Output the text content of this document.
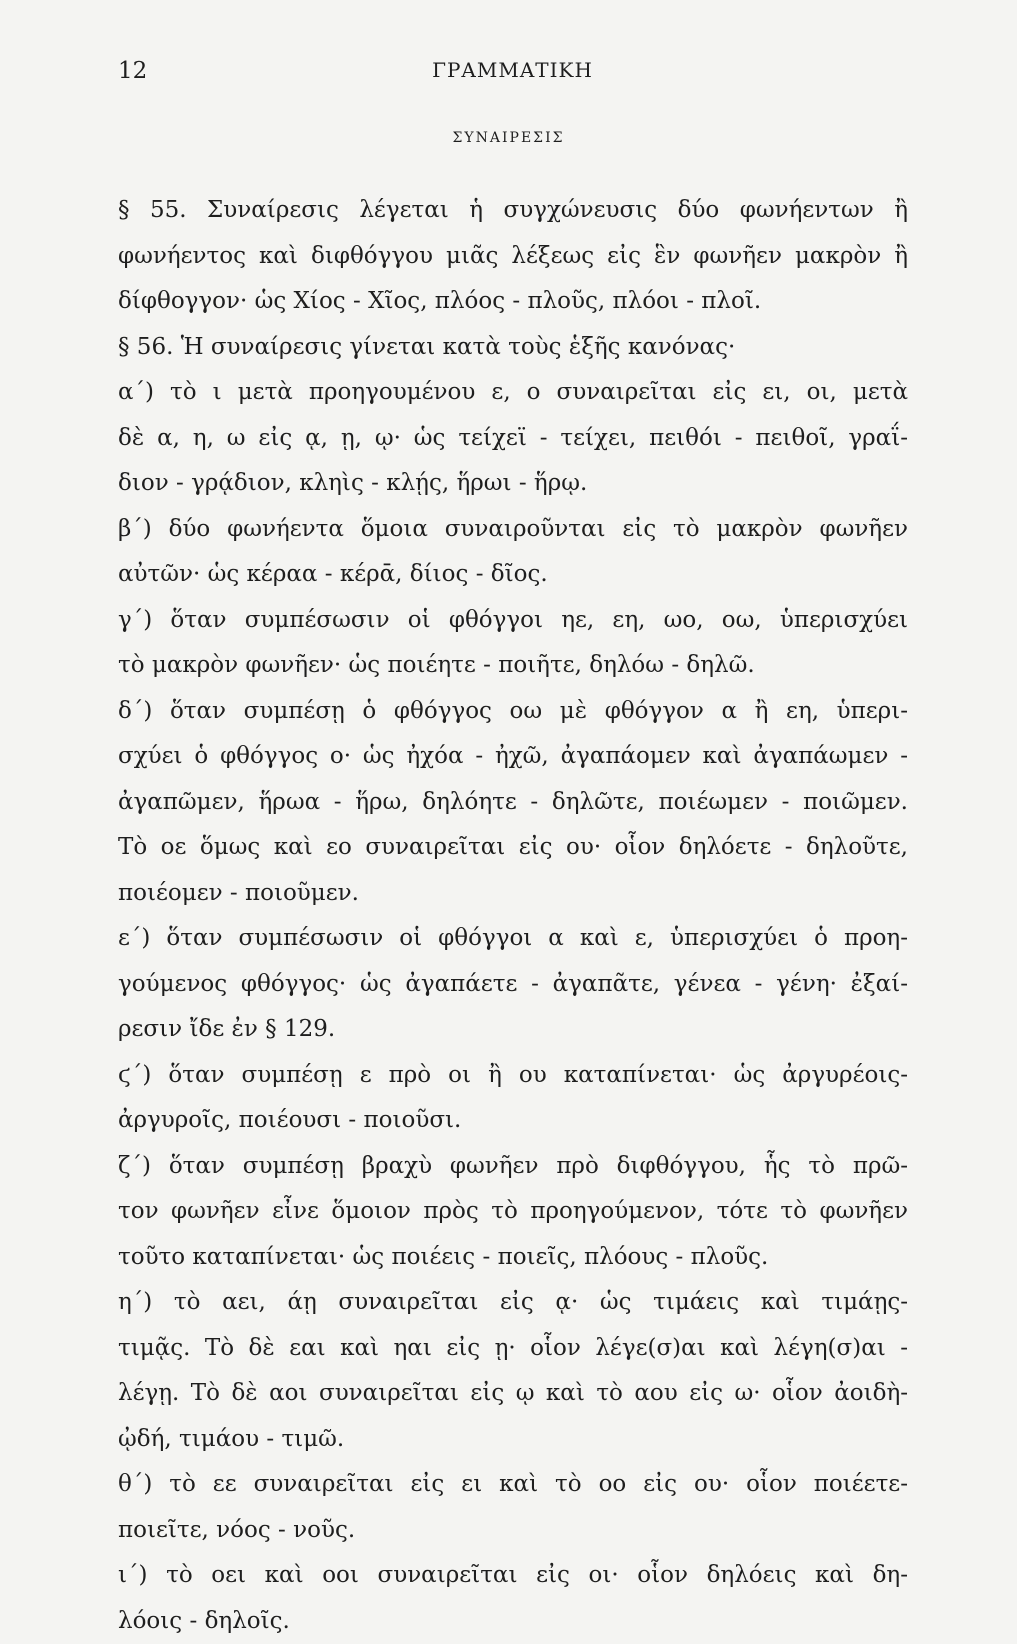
12	ΓΡΑΜΜΑΤΙΚΗ
ΣΥΝΑΙΡΕΣΙΣ
§ 55. Συναίρεσις λέγεται ἡ συγχώνευσις δύο φωνήεντων ἢ
φωνήεντος καὶ διφθόγγου μιᾶς λέξεως εἰς ἓν φωνῆεν μακρὸν ἢ
δίφθογγον· ὡς Χίος - Χῖος, πλόος - πλοῦς, πλόοι - πλοῖ.
§ 56. Ἡ συναίρεσις γίνεται κατὰ τοὺς ἑξῆς κανόνας·
α΄) τὸ ι μετὰ προηγουμένου ε, ο συναιρεῖται εἰς ει, οι, μετὰ
δὲ α, η, ω εἰς ᾳ, ῃ, ῳ· ὡς τείχεϊ - τείχει, πειθόι - πειθοῖ, γραΐ-
διον - γρᾴδιον, κληὶς - κλῄς, ἥρωι - ἥρῳ.
β΄) δύο φωνήεντα ὅμοια συναιροῦνται εἰς τὸ μακρὸν φωνῆεν
αὐτῶν· ὡς κέραα - κέρᾱ, δίιος - δῖος.
γ΄) ὅταν συμπέσωσιν οἱ φθόγγοι ηε, εη, ωο, οω, ὑπερισχύει
τὸ μακρὸν φωνῆεν· ὡς ποιέητε - ποιῆτε, δηλόω - δηλῶ.
δ΄) ὅταν συμπέσῃ ὁ φθόγγος οω μὲ φθόγγον α ἢ εη, ὑπερι-
σχύει ὁ φθόγγος ο· ὡς ἠχόα - ἠχῶ, ἀγαπάομεν καὶ ἀγαπάωμεν -
ἀγαπῶμεν, ἥρωα - ἥρω, δηλόητε - δηλῶτε, ποιέωμεν - ποιῶμεν.
Τὸ οε ὅμως καὶ εο συναιρεῖται εἰς ου· οἷον δηλόετε - δηλοῦτε,
ποιέομεν - ποιοῦμεν.
ε΄) ὅταν συμπέσωσιν οἱ φθόγγοι α καὶ ε, ὑπερισχύει ὁ προη-
γούμενος φθόγγος· ὡς ἀγαπάετε - ἀγαπᾶτε, γένεα - γένη· ἐξαί-
ρεσιν ἴδε ἐν § 129.
ϛ΄) ὅταν συμπέσῃ ε πρὸ οι ἢ ου καταπίνεται· ὡς ἀργυρέοις-
ἀργυροῖς, ποιέουσι - ποιοῦσι.
ζ΄) ὅταν συμπέσῃ βραχὺ φωνῆεν πρὸ διφθόγγου, ἧς τὸ πρῶ-
τον φωνῆεν εἶνε ὅμοιον πρὸς τὸ προηγούμενον, τότε τὸ φωνῆεν
τοῦτο καταπίνεται· ὡς ποιέεις - ποιεῖς, πλόους - πλοῦς.
η΄) τὸ αει, άῃ συναιρεῖται εἰς ᾳ· ὡς τιμάεις καὶ τιμάῃς-
τιμᾷς. Τὸ δὲ εαι καὶ ηαι εἰς ῃ· οἷον λέγε(σ)αι καὶ λέγη(σ)αι -
λέγῃ. Τὸ δὲ αοι συναιρεῖται εἰς ῳ καὶ τὸ αου εἰς ω· οἷον ἀοιδὴ-
ᾠδή, τιμάου - τιμῶ.
θ΄) τὸ εε συναιρεῖται εἰς ει καὶ τὸ οο εἰς ου· οἷον ποιέετε-
ποιεῖτε, νόος - νοῦς.
ι΄) τὸ οει καὶ οοι συναιρεῖται εἰς οι· οἷον δηλόεις καὶ δη-
λόοις - δηλοῖς.
